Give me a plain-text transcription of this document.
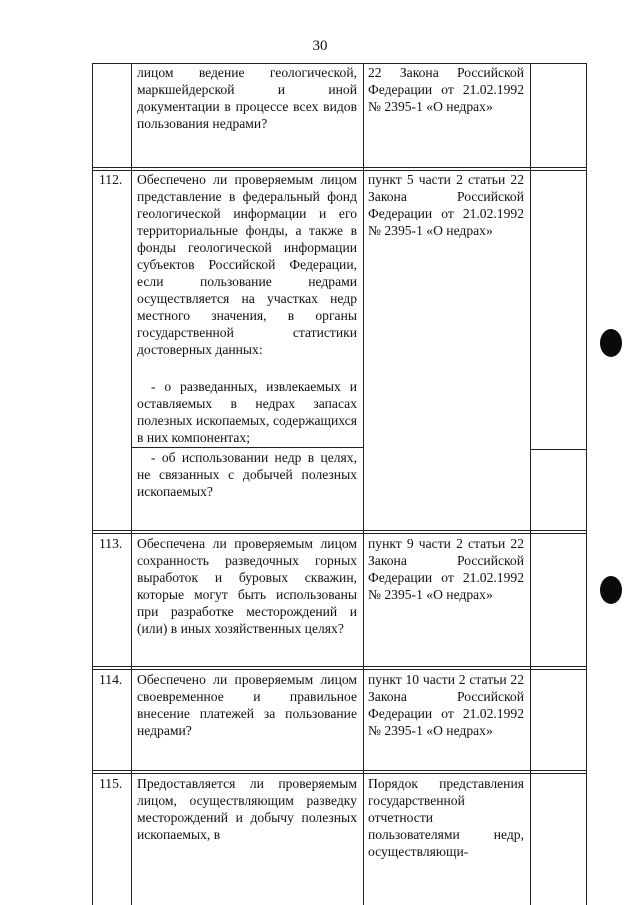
30
лицом ведение геологической, маркшейдерской и иной документации в процессе всех видов пользования недрами?
22 Закона Российской Федерации от 21.02.1992 № 2395-1 «О недрах»
112. Обеспечено ли проверяемым лицом представление в федеральный фонд геологической информации и его территориальные фонды, а также в фонды геологической информации субъектов Российской Федерации, если пользование недрами осуществляется на участках недр местного значения, в органы государственной статистики достоверных данных:
- о разведанных, извлекаемых и оставляемых в недрах запасах полезных ископаемых, содержащихся в них компонентах;
- об использовании недр в целях, не связанных с добычей полезных ископаемых?
пункт 5 части 2 статьи 22 Закона Российской Федерации от 21.02.1992 № 2395-1 «О недрах»
113. Обеспечена ли проверяемым лицом сохранность разведочных горных выработок и буровых скважин, которые могут быть использованы при разработке месторождений и (или) в иных хозяйственных целях?
пункт 9 части 2 статьи 22 Закона Российской Федерации от 21.02.1992 № 2395-1 «О недрах»
114. Обеспечено ли проверяемым лицом своевременное и правильное внесение платежей за пользование недрами?
пункт 10 части 2 статьи 22 Закона Российской Федерации от 21.02.1992 № 2395-1 «О недрах»
115. Предоставляется ли проверяемым лицом, осуществляющим разведку месторождений и добычу полезных ископаемых, в
Порядок представления государственной отчетности пользователями недр, осуществляющи-
